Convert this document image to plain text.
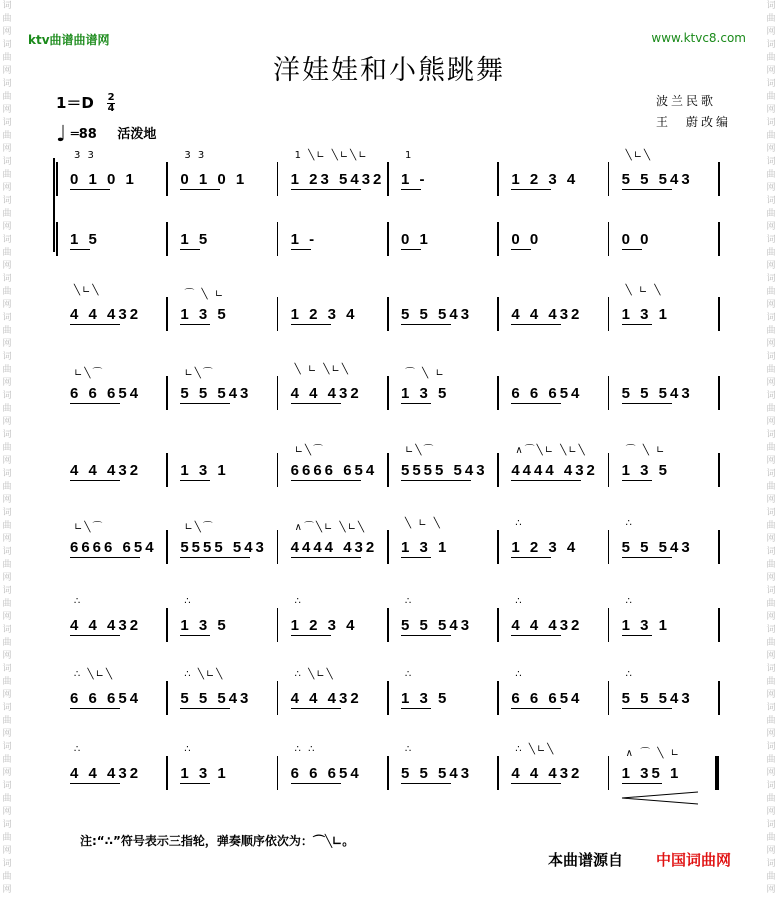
词
曲
网
词
曲
网
词
曲
网
词
曲
网
词
曲
网
词
曲
网
词
曲
网
词
曲
网
词
曲
网
词
曲
网
词
曲
网
词
曲
网
词
曲
网
词
曲
网
词
曲
网
词
曲
网
词
曲
网
词
曲
网
词
曲
网
词
曲
网
词
曲
网
词
曲
网
词
曲
网
词
曲
网
词
曲
网
词
曲
网
词
曲
网
词
曲
网
词
曲
网
词
曲
网
词
曲
网
词
曲
网
词
曲
网
词
曲
网
词
曲
网
词
曲
网
词
曲
网
词
曲
网
词
曲
网
词
曲
网
词
曲
网
词
曲
网
词
曲
网
词
曲
网
词
曲
网
词
曲
网
ktv曲谱曲谱网	www.ktvc8.com
洋娃娃和小熊跳舞
$1=D \frac{2}{4}$
♩ ═88 活泼地
波兰民歌
王　蔚改编
0 1 0 1
3 3
0 1 0 1
3 3
1 23 5432
1 ╲∟ ╲∟╲∟
1 -
1
1 2 3 4	5 5 543
╲∟╲
1 5	1 5	1 -	0 1	0 0	0 0
4 4 432
╲∟╲
1 3 5
⌒ ╲ ∟
1 2 3 4	5 5 543	4 4 432	1 3 1
╲ ∟ ╲
6 6 654
∟╲⌒
5 5 543
∟╲⌒
4 4 432
╲ ∟ ╲∟╲
1 3 5
⌒ ╲ ∟
6 6 654	5 5 543
4 4 432	1 3 1	6666 654
∟╲⌒
5555 543
∟╲⌒
4444 432
∧⌒╲∟ ╲∟╲
1 3 5
⌒ ╲ ∟
6666 654
∟╲⌒
5555 543
∟╲⌒
4444 432
∧⌒╲∟ ╲∟╲
1 3 1
╲ ∟ ╲
1 2 3 4
∴
5 5 543
∴
4 4 432
∴
1 3 5
∴
1 2 3 4
∴
5 5 543
∴
4 4 432
∴
1 3 1
∴
6 6 654
∴ ╲∟╲
5 5 543
∴ ╲∟╲
4 4 432
∴ ╲∟╲
1 3 5
∴
6 6 654
∴
5 5 543
∴
4 4 432
∴
1 3 1
∴
6 6 654
∴ ∴
5 5 543
∴
4 4 432
∴ ╲∟╲
1 35 1
∧ ⌒ ╲ ∟
注:“∴”符号表示三指轮，弹奏顺序依次为：⌒╲∟。
本曲谱源自 中国词曲网
